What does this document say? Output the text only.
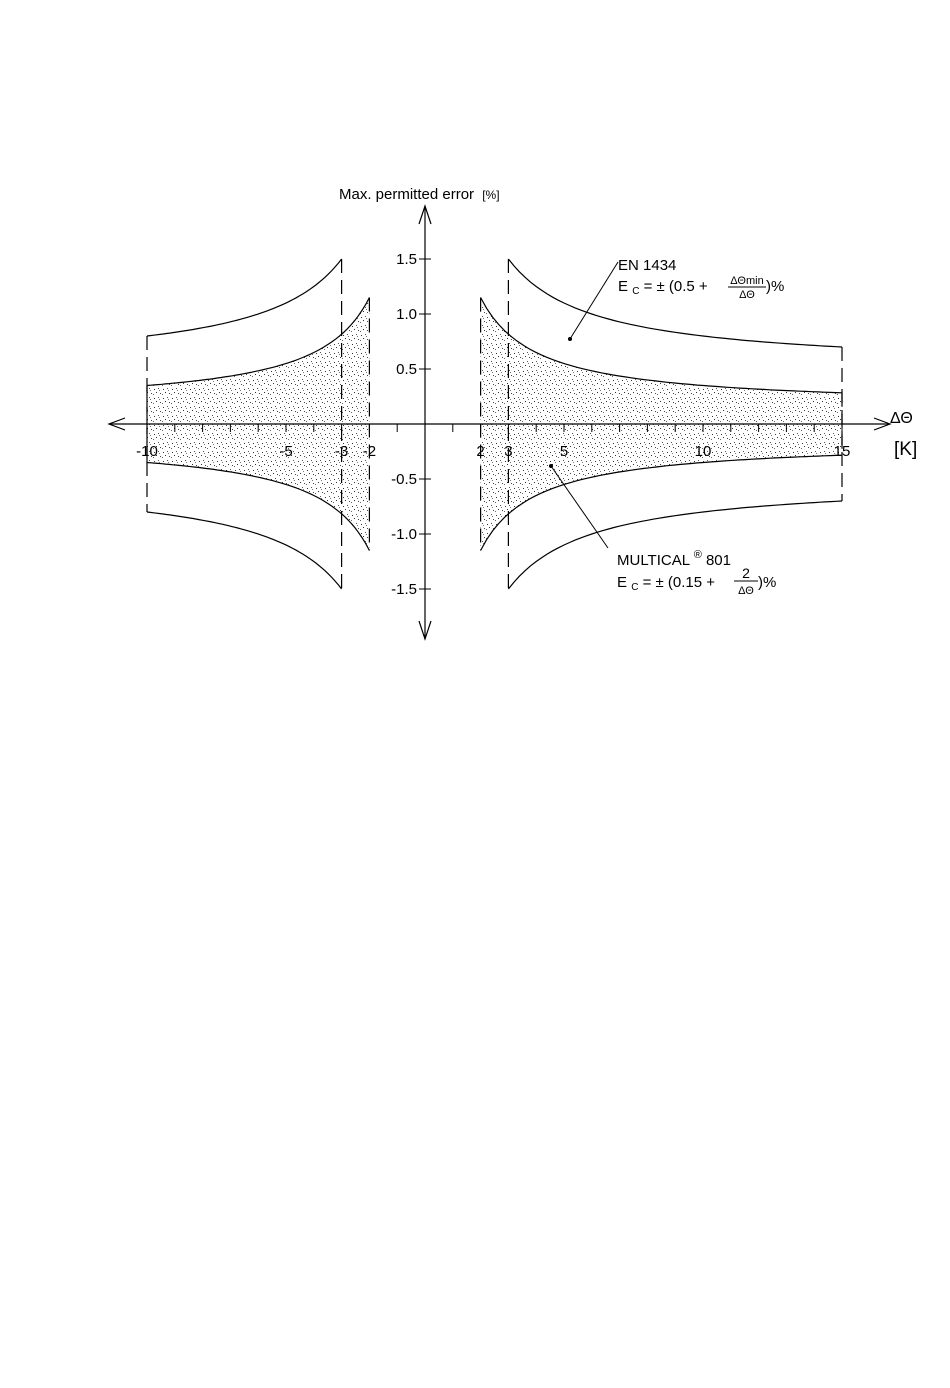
-10	-5	-3 -2	2 3	5	10	15
1.5
1.0
0.5
-0.5
-1.0
-1.5
Max. permitted error [%]
ΔΘ
[K]
EN 1434
E $_C$ = ± (0.5 + ΔΘmin
ΔΘ )%
MULTICAL ® 801
E $_C$ = ± (0.15 +
2
ΔΘ )%
